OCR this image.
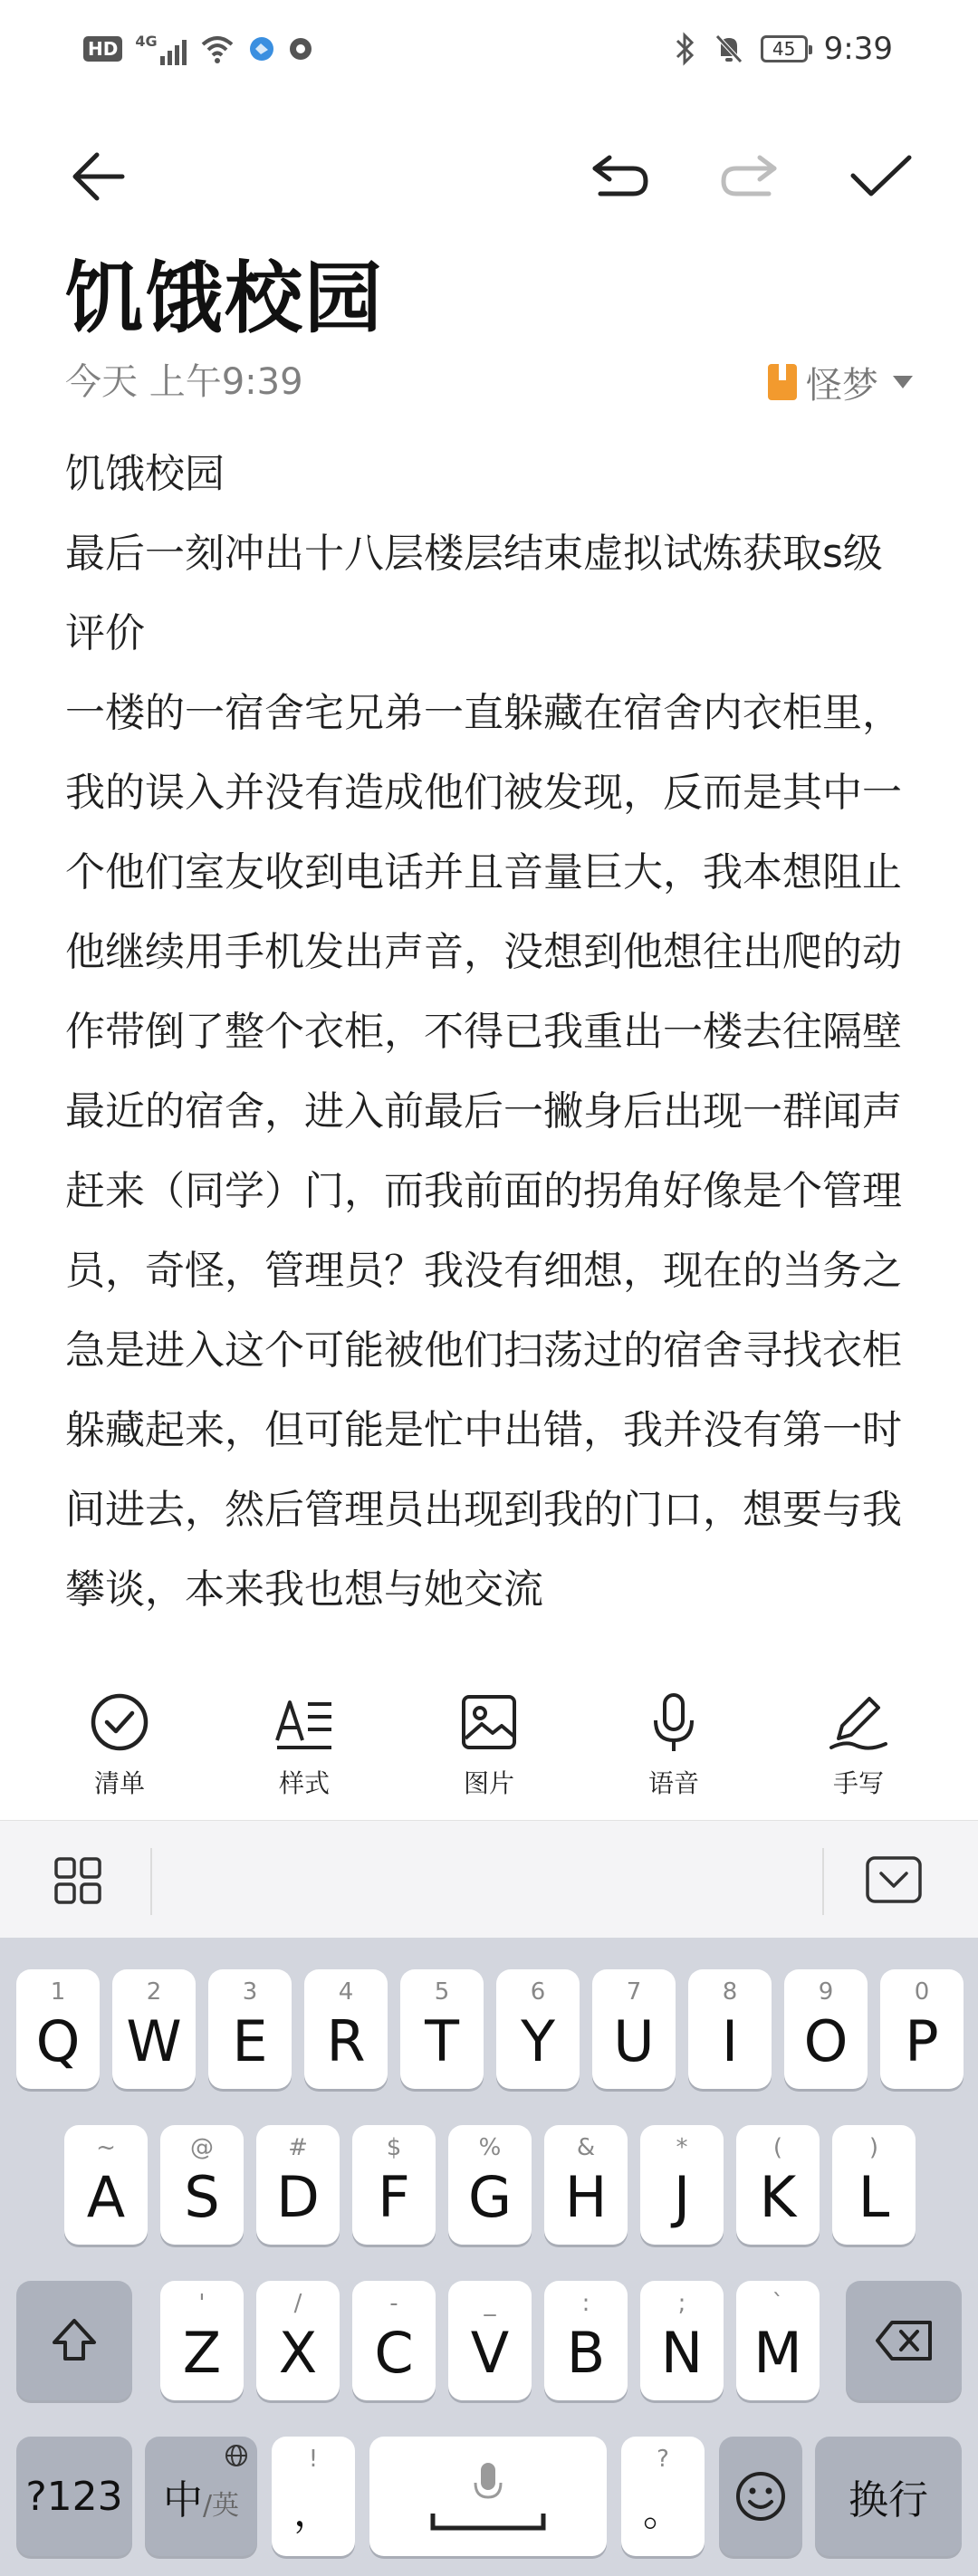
HD	4G	45 9:39
饥饿校园
今天 上午9:39	怪梦

饥饿校园

最后一刻冲出十八层楼层结束虚拟试炼获取s级评价

一楼的一宿舍宅兄弟一直躲藏在宿舍内衣柜里，我的误入并没有造成他们被发现，反而是其中一个他们室友收到电话并且音量巨大，我本想阻止他继续用手机发出声音，没想到他想往出爬的动作带倒了整个衣柜，不得已我重出一楼去往隔壁最近的宿舍，进入前最后一撇身后出现一群闻声赶来（同学）门，而我前面的拐角好像是个管理员，奇怪，管理员？我没有细想，现在的当务之急是进入这个可能被他们扫荡过的宿舍寻找衣柜躲藏起来，但可能是忙中出错，我并没有第一时间进去，然后管理员出现到我的门口，想要与我攀谈，本来我也想与她交流

清单	样式	图片	语音	手写
1
Q
2
W
3
E
4
R
5
T
6
Y
7
U
8
I
9
O
0
P
~
A
@
S
#
D
$
F
%
G
&
H
*
J
(
K
)
L
'
Z
/
X
-
C
_
V
:
B
;
N
`
M
?123 中 /英
!
，
?
。	换行
